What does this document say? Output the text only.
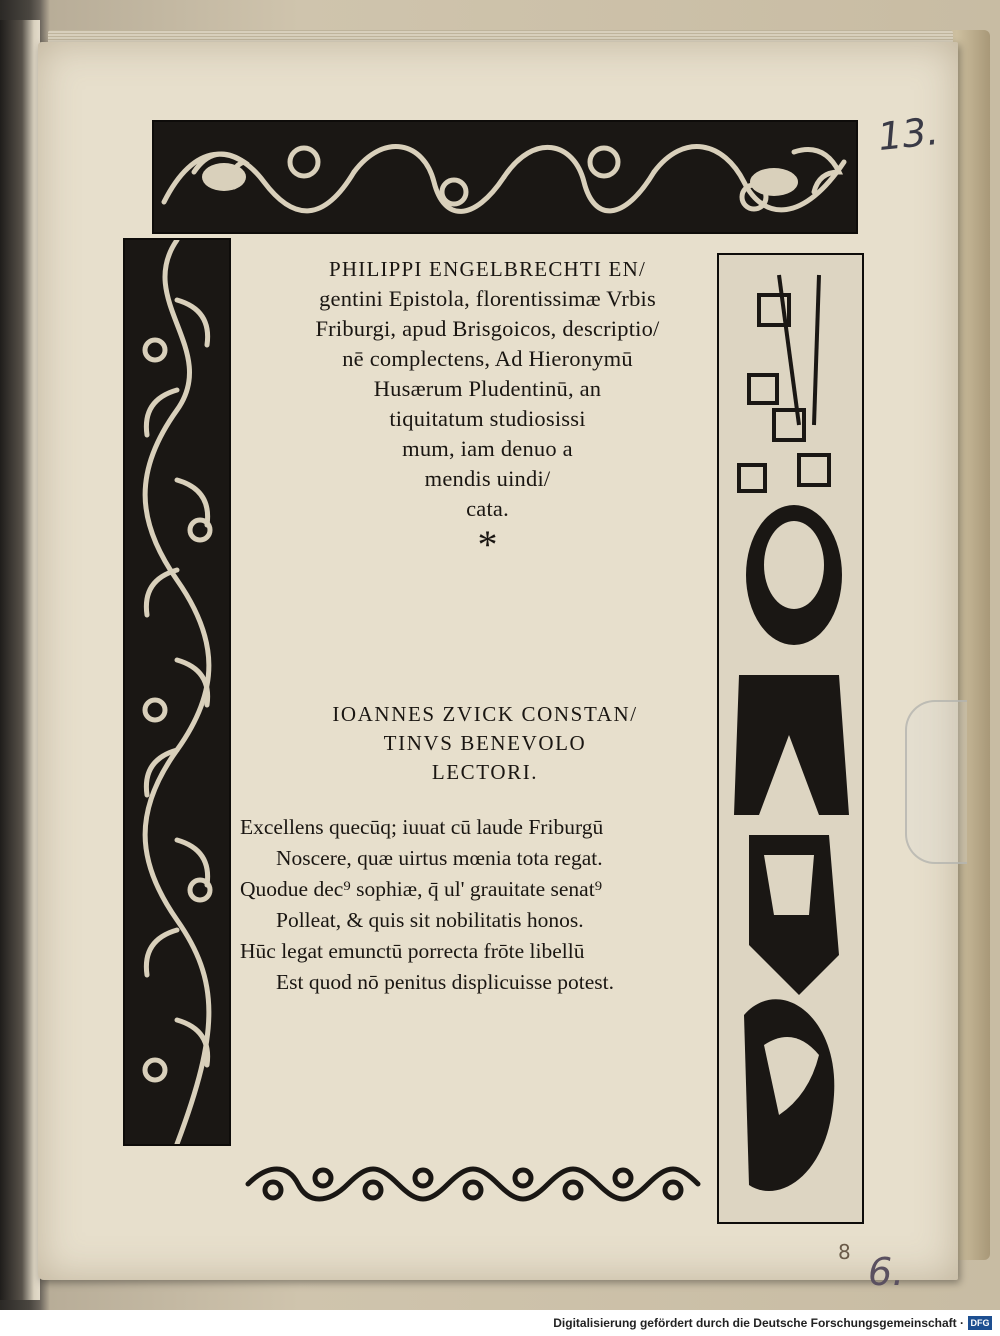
PHILIPPI ENGELBRECHTI EN/
gentini Epistola, florentissimæ Vrbis
Friburgi, apud Brisgoicos, descriptio/
nē complectens, Ad Hieronymū
Husærum Pludentinū, an
tiquitatum studiosissi
mum, iam denuo a
mendis uindi/
cata.
*
IOANNES ZVICK CONSTAN/
TINVS BENEVOLO
LECTORI.
Excellens quecūq; iuuat cū laude Friburgū
Noscere, quæ uirtus mœnia tota regat.
Quodue dec⁹ sophiæ, q̄ ul' grauitate senat⁹
Polleat, & quis sit nobilitatis honos.
Hūc legat emunctū porrecta frōte libellū
Est quod nō penitus displicuisse potest.
13.
8 6.
Digitalisierung gefördert durch die Deutsche Forschungsgemeinschaft · DFG
